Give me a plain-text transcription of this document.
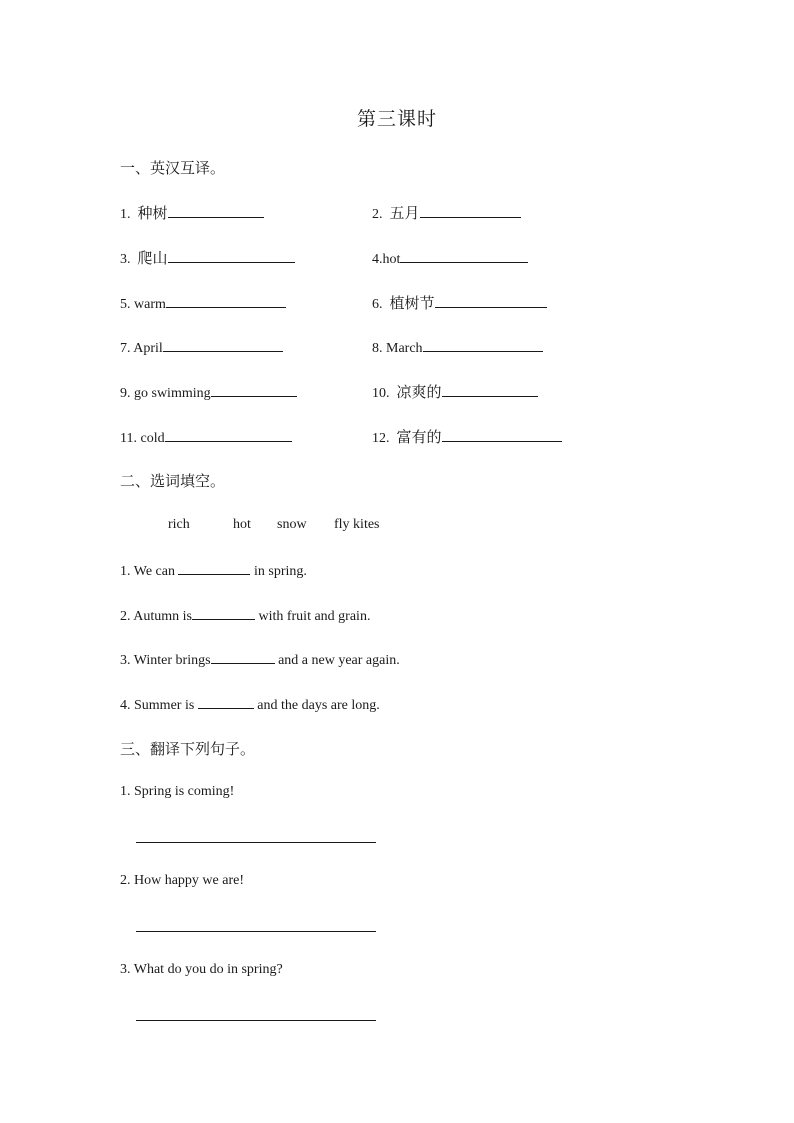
第三课时
一、英汉互译。
1. 种树	2. 五月
3. 爬山	4.hot
5. warm	6. 植树节
7. April	8. March
9. go swimming	10. 凉爽的
11. cold	12. 富有的
二、选词填空。
rich	hot snow fly kites
1. We can	in spring.
2. Autumn is	with fruit and grain.
3. Winter brings	and a new year again.
4. Summer is	and the days are long.
三、翻译下列句子。
1. Spring is coming!
2. How happy we are!
3. What do you do in spring?
